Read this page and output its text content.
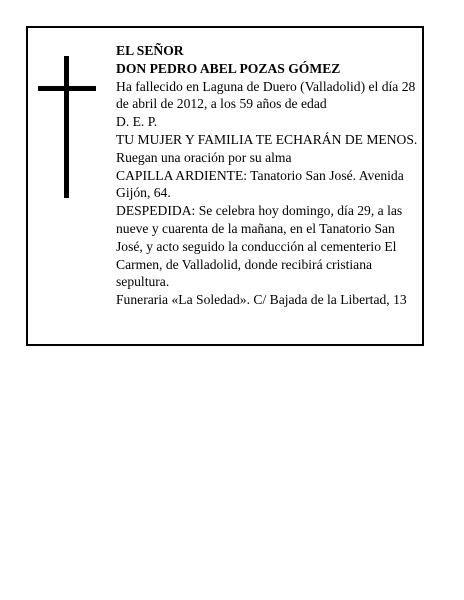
EL SEÑOR
DON PEDRO ABEL POZAS GÓMEZ
Ha fallecido en Laguna de Duero (Valladolid) el día 28 de abril de 2012, a los 59 años de edad
D. E. P.
TU MUJER Y FAMILIA TE ECHARÁN DE MENOS.
Ruegan una oración por su alma
CAPILLA ARDIENTE: Tanatorio San José. Avenida Gijón, 64.
DESPEDIDA: Se celebra hoy domingo, día 29, a las nueve y cuarenta de la mañana, en el Tanatorio San José, y acto seguido la conducción al cementerio El Carmen, de Valladolid, donde recibirá cristiana sepultura.
Funeraria «La Soledad». C/ Bajada de la Libertad, 13
